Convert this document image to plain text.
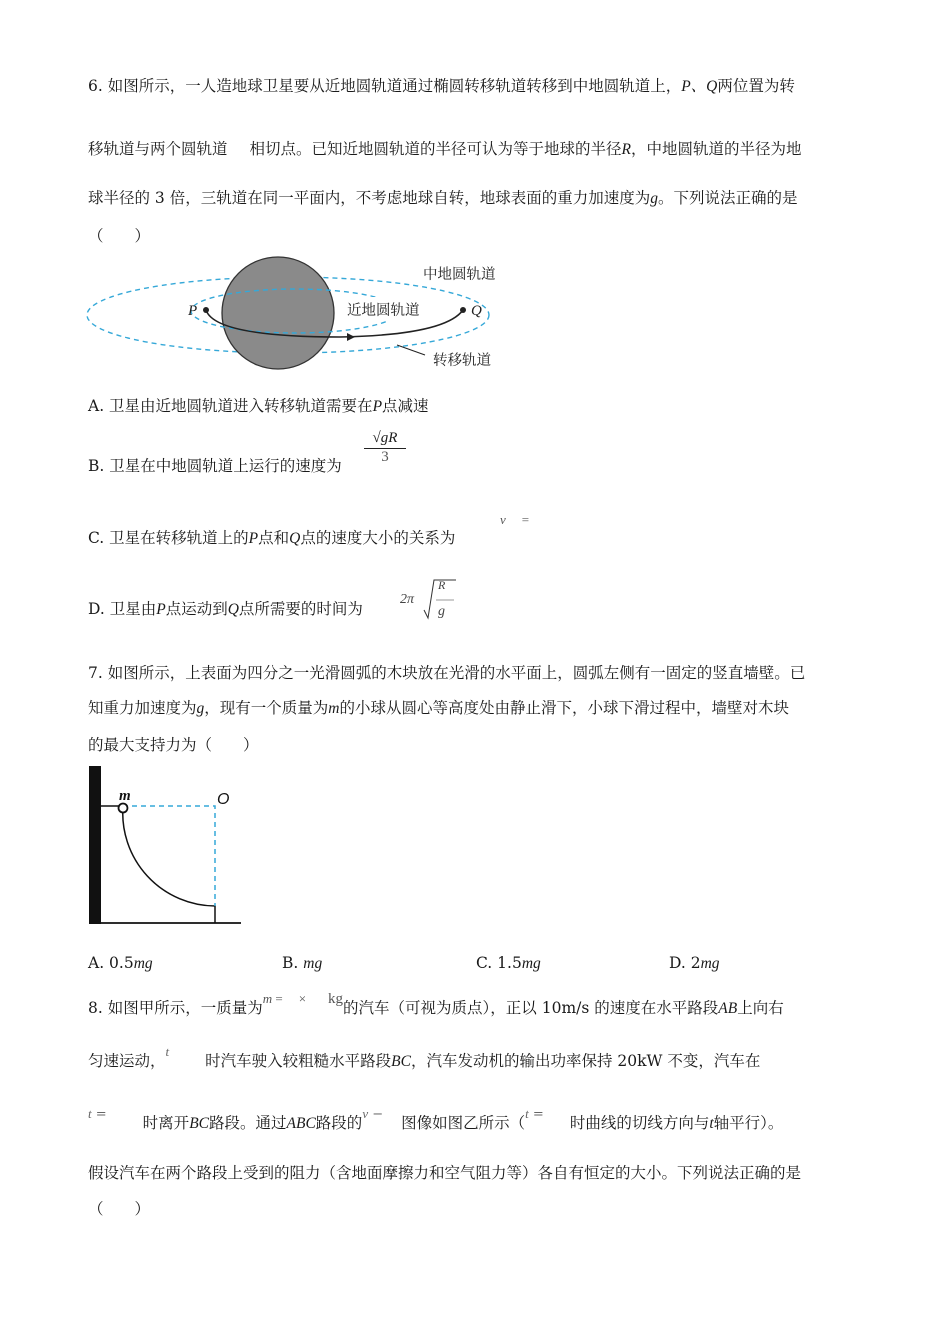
6. 如图所示，一人造地球卫星要从近地圆轨道通过椭圆转移轨道转移到中地圆轨道上，P、Q两位置为转
移轨道与两个圆轨道 相切点。已知近地圆轨道的半径可认为等于地球的半径R，中地圆轨道的半径为地
球半径的 3 倍，三轨道在同一平面内，不考虑地球自转，地球表面的重力加速度为g。下列说法正确的是
（　　）
近地圆轨道
中地圆轨道
转移轨道
P	Q
A. 卫星由近地圆轨道进入转移轨道需要在P点减速
B. 卫星在中地圆轨道上运行的速度为
√gR
3
C. 卫星在转移轨道上的P点和Q点的速度大小的关系为
v =
D. 卫星由P点运动到Q点所需要的时间为
2π
R
g
7. 如图所示，上表面为四分之一光滑圆弧的木块放在光滑的水平面上，圆弧左侧有一固定的竖直墙壁。已
知重力加速度为g，现有一个质量为m的小球从圆心等高度处由静止滑下，小球下滑过程中，墙壁对木块
的最大支持力为（　　）
m	O
A. 0.5mg	B. mg	C. 1.5mg	D. 2mg
8. 如图甲所示，一质量为$^{m = \times kg}$的汽车（可视为质点），正以 10m/s 的速度在水平路段AB上向右
匀速运动，$^t$时汽车驶入较粗糙水平路段BC，汽车发动机的输出功率保持 20kW 不变，汽车在
$^{t =}$ 时离开BC路段。通过ABC路段的$^{v -}$ 图像如图乙所示（$^{t =}$ 时曲线的切线方向与t轴平行）。
假设汽车在两个路段上受到的阻力（含地面摩擦力和空气阻力等）各自有恒定的大小。下列说法正确的是
（　　）
